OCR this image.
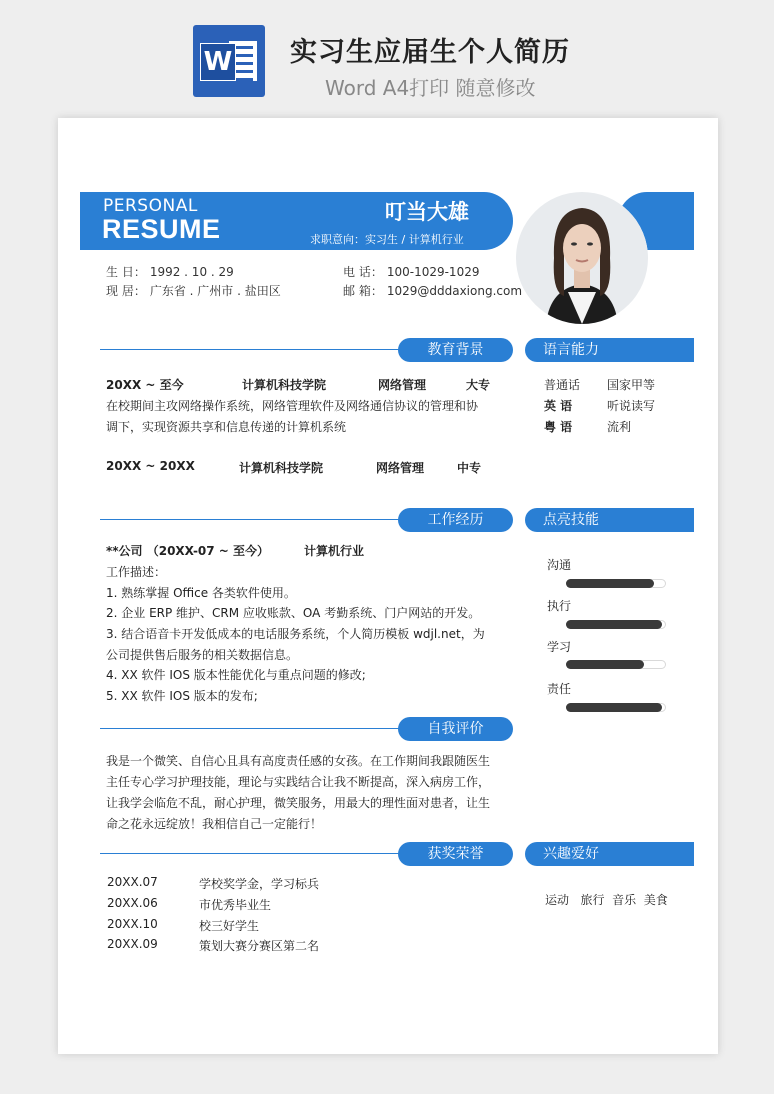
W 实习生应届生个人简历
Word A4打印 随意修改
PERSONAL
RESUME
叮当大雄
求职意向：实习生 / 计算机行业
生 日： 1992 . 10 . 29
现 居： 广东省 . 广州市 . 盐田区
电 话： 100-1029-1029
邮 箱： 1029@dddaxiong.com
教育背景
20XX ~ 至今	计算机科技学院	网络管理	大专
在校期间主攻网络操作系统，网络管理软件及网络通信协议的管理和协
调下，实现资源共享和信息传递的计算机系统
20XX ~ 20XX	计算机科技学院	网络管理	中专
工作经历
**公司 （20XX-07 ~ 至今）	计算机行业
工作描述：
1. 熟练掌握 Office 各类软件使用。
2. 企业 ERP 维护、CRM 应收账款、OA 考勤系统、门户网站的开发。
3. 结合语音卡开发低成本的电话服务系统，个人简历模板 wdjl.net，为
公司提供售后服务的相关数据信息。
4. XX 软件 IOS 版本性能优化与重点问题的修改;
5. XX 软件 IOS 版本的发布;
自我评价
我是一个微笑、自信心且具有高度责任感的女孩。在工作期间我跟随医生
主任专心学习护理技能，理论与实践结合让我不断提高，深入病房工作，
让我学会临危不乱，耐心护理，微笑服务，用最大的理性面对患者，让生
命之花永远绽放！我相信自己一定能行！
获奖荣誉
20XX.07	学校奖学金，学习标兵
20XX.06	市优秀毕业生
20XX.10	校三好学生
20XX.09	策划大赛分赛区第二名
语言能力
普通话 国家甲等
英 语	听说读写
粤 语	流利
点亮技能
沟通
执行
学习
责任
兴趣爱好
运动   旅行  音乐  美食
